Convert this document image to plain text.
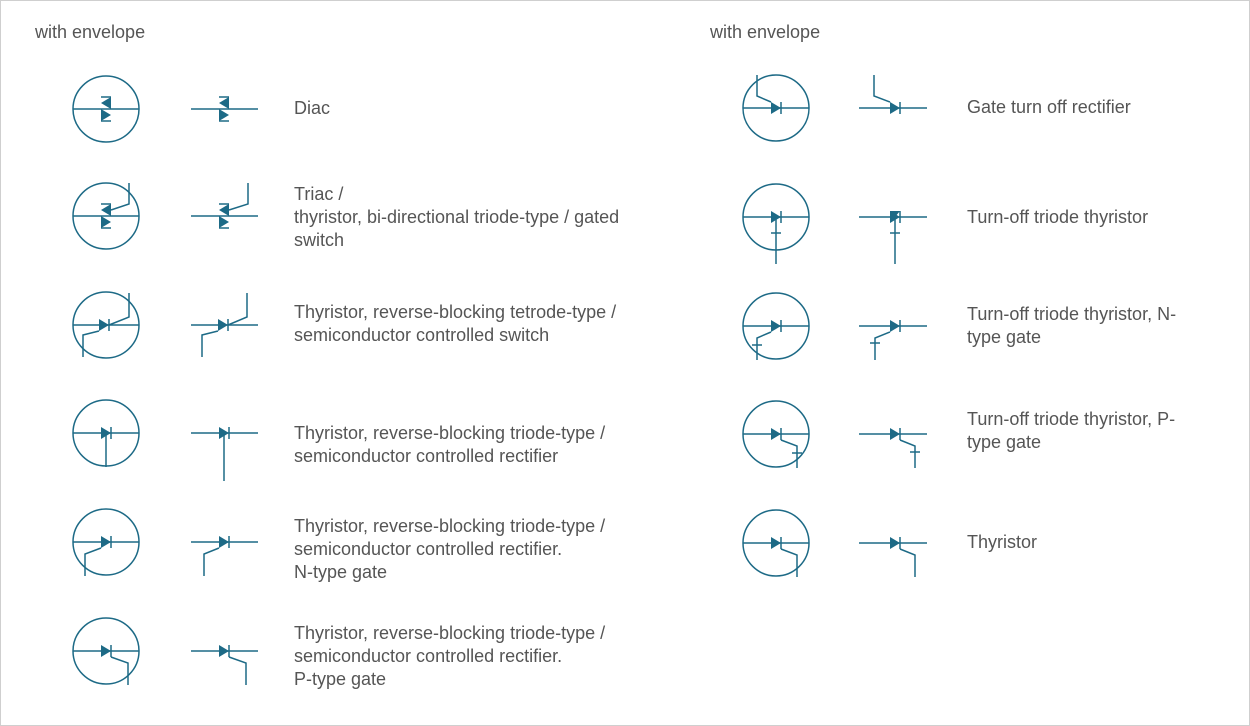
with envelope	with envelope
Diac
Triac /
thyristor, bi-directional triode-type / gated
switch
Thyristor, reverse-blocking tetrode-type /
semiconductor controlled switch
Thyristor, reverse-blocking triode-type /
semiconductor controlled rectifier
Thyristor, reverse-blocking triode-type /
semiconductor controlled rectifier.
N-type gate
Thyristor, reverse-blocking triode-type /
semiconductor controlled rectifier.
P-type gate
Gate turn off rectifier
Turn-off triode thyristor
Turn-off triode thyristor, N-
type gate
Turn-off triode thyristor, P-
type gate
Thyristor
